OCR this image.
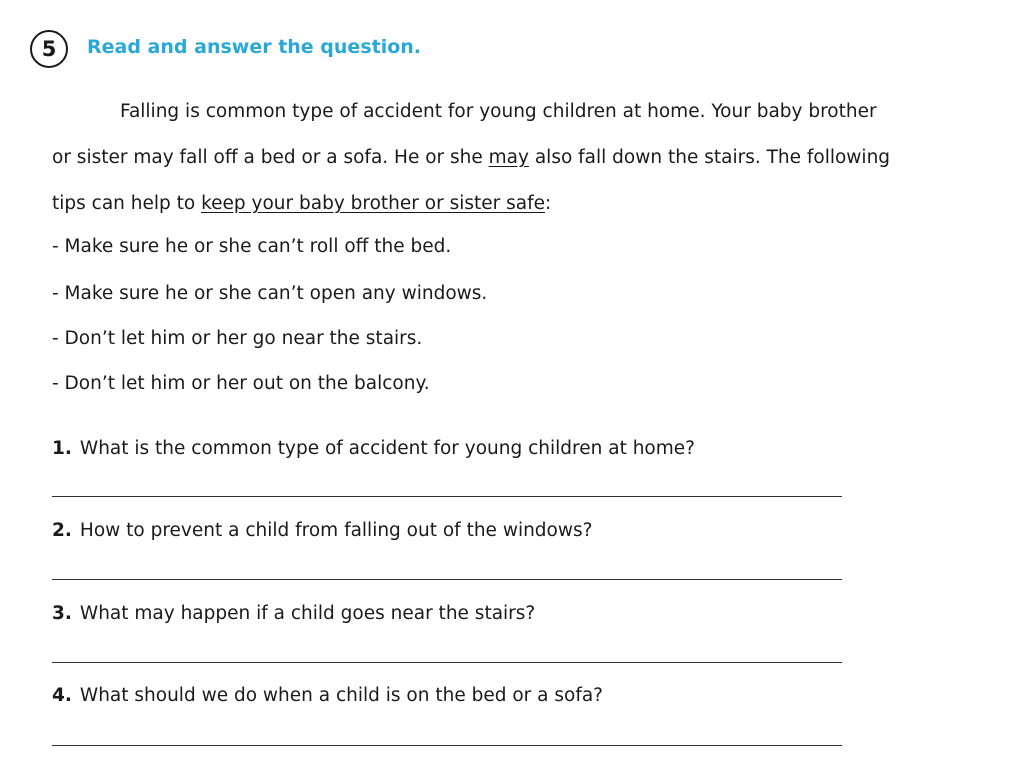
5	Read and answer the question.
Falling is common type of accident for young children at home. Your baby brother
or sister may fall off a bed or a sofa. He or she may also fall down the stairs. The following
tips can help to keep your baby brother or sister safe:
- Make sure he or she can’t roll off the bed.
- Make sure he or she can’t open any windows.
- Don’t let him or her go near the stairs.
- Don’t let him or her out on the balcony.
1. What is the common type of accident for young children at home?
2. How to prevent a child from falling out of the windows?
3. What may happen if a child goes near the stairs?
4. What should we do when a child is on the bed or a sofa?
